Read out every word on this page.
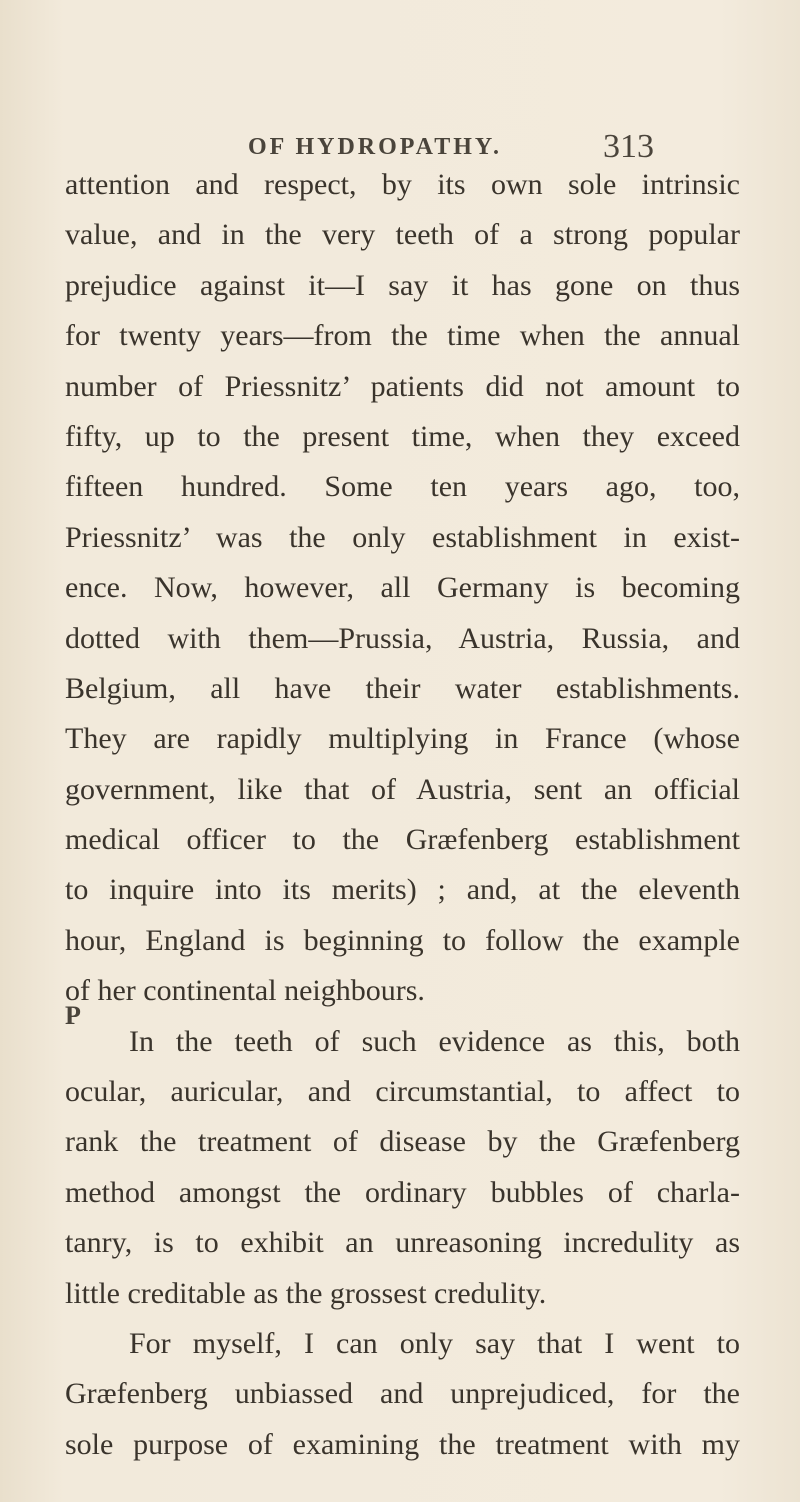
OF HYDROPATHY.	313
attention and respect, by its own sole intrinsic
value, and in the very teeth of a strong popular
prejudice against it—I say it has gone on thus
for twenty years—from the time when the annual
number of Priessnitz’ patients did not amount to
fifty, up to the present time, when they exceed
fifteen hundred. Some ten years ago, too,
Priessnitz’ was the only establishment in exist-
ence. Now, however, all Germany is becoming
dotted with them—Prussia, Austria, Russia, and
Belgium, all have their water establishments.
They are rapidly multiplying in France (whose
government, like that of Austria, sent an official
medical officer to the Græfenberg establishment
to inquire into its merits) ; and, at the eleventh
hour, England is beginning to follow the example
of her continental neighbours.
In the teeth of such evidence as this, both
ocular, auricular, and circumstantial, to affect to
rank the treatment of disease by the Græfenberg
method amongst the ordinary bubbles of charla-
tanry, is to exhibit an unreasoning incredulity as
little creditable as the grossest credulity.
For myself, I can only say that I went to
Græfenberg unbiassed and unprejudiced, for the
sole purpose of examining the treatment with my
P
